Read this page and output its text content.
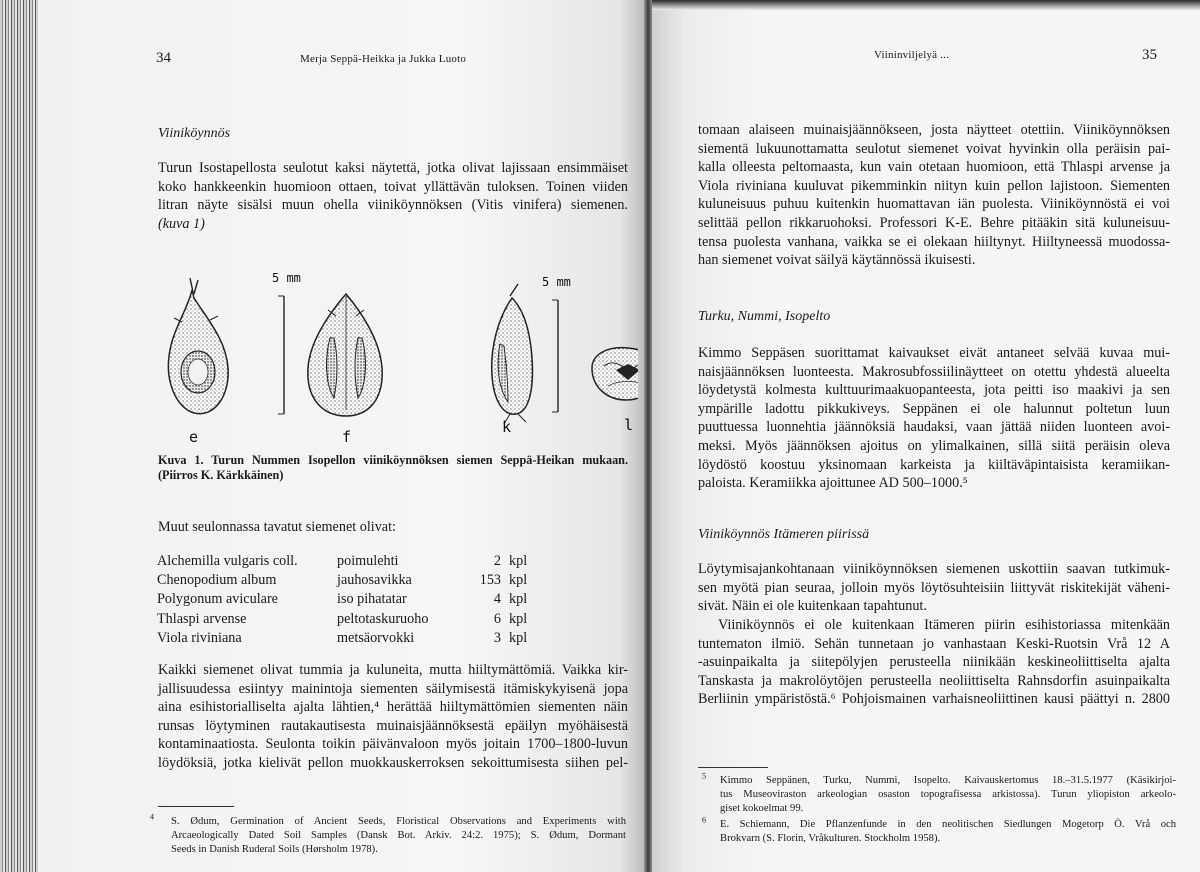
34	Merja Seppä-Heikka ja Jukka Luoto
Viiniköynnös
Turun Isostapellosta seulotut kaksi näytettä, jotka olivat lajissaan ensimmäiset
koko hankkeenkin huomioon ottaen, toivat yllättävän tuloksen. Toinen viiden
litran näyte sisälsi muun ohella viiniköynnöksen (Vitis vinifera) siemenen.
(kuva 1)
e
5 mm
f
k
5 mm
l
Kuva 1. Turun Nummen Isopellon viiniköynnöksen siemen Seppä-Heikan mukaan.
(Piirros K. Kärkkäinen)
Muut seulonnassa tavatut siemenet olivat:
Alchemilla vulgaris coll.	poimulehti	2	kpl
Chenopodium album	jauhosavikka	153	kpl
Polygonum aviculare	iso pihatatar	4	kpl
Thlaspi arvense	peltotaskuruoho	6	kpl
Viola riviniana	metsäorvokki	3	kpl
Kaikki siemenet olivat tummia ja kuluneita, mutta hiiltymättömiä. Vaikka kir-
jallisuudessa esiintyy mainintoja siementen säilymisestä itämiskykyisenä jopa
aina esihistorialliselta ajalta lähtien,⁴ herättää hiiltymättömien siementen näin
runsas löytyminen rautakautisesta muinaisjäännöksestä epäilyn myöhäisestä
kontaminaatiosta. Seulonta toikin päivänvaloon myös joitain 1700–1800-luvun
löydöksiä, jotka kielivät pellon muokkauskerroksen sekoittumisesta siihen pel-
$^4$	S. Ødum, Germination of Ancient Seeds, Floristical Observations and Experiments with
Arcaeologically Dated Soil Samples (Dansk Bot. Arkiv. 24:2. 1975); S. Ødum, Dormant
Seeds in Danish Ruderal Soils (Hørsholm 1978).
Viininviljelyä ...	35
tomaan alaiseen muinaisjäännökseen, josta näytteet otettiin. Viiniköynnöksen
siementä lukuunottamatta seulotut siemenet voivat hyvinkin olla peräisin pai-
kalla olleesta peltomaasta, kun vain otetaan huomioon, että Thlaspi arvense ja
Viola riviniana kuuluvat pikemminkin niityn kuin pellon lajistoon. Siementen
kuluneisuus puhuu kuitenkin huomattavan iän puolesta. Viiniköynnöstä ei voi
selittää pellon rikkaruohoksi. Professori K-E. Behre pitääkin sitä kuluneisuu-
tensa puolesta vanhana, vaikka se ei olekaan hiiltynyt. Hiiltyneessä muodossa-
han siemenet voivat säilyä käytännössä ikuisesti.
Turku, Nummi, Isopelto
Kimmo Seppäsen suorittamat kaivaukset eivät antaneet selvää kuvaa mui-
naisjäännöksen luonteesta. Makrosubfossiilinäytteet on otettu yhdestä alueelta
löydetystä kolmesta kulttuurimaakuopanteesta, jota peitti iso maakivi ja sen
ympärille ladottu pikkukiveys. Seppänen ei ole halunnut poltetun luun
puuttuessa luonnehtia jäännöksiä haudaksi, vaan jättää niiden luonteen avoi-
meksi. Myös jäännöksen ajoitus on ylimalkainen, sillä siitä peräisin oleva
löydöstö koostuu yksinomaan karkeista ja kiiltäväpintaisista keramiikan-
paloista. Keramiikka ajoittunee AD 500–1000.⁵
Viiniköynnös Itämeren piirissä
Löytymisajankohtanaan viiniköynnöksen siemenen uskottiin saavan tutkimuk-
sen myötä pian seuraa, jolloin myös löytösuhteisiin liittyvät riskitekijät väheni-
sivät. Näin ei ole kuitenkaan tapahtunut.
Viiniköynnös ei ole kuitenkaan Itämeren piirin esihistoriassa mitenkään
tuntematon ilmiö. Sehän tunnetaan jo vanhastaan Keski-Ruotsin Vrå 12 A
-asuinpaikalta ja siitepölyjen perusteella niinikään keskineoliittiselta ajalta
Tanskasta ja makrolöytöjen perusteella neoliittiselta Rahnsdorfin asuinpaikalta
Berliinin ympäristöstä.⁶ Pohjoismainen varhaisneoliittinen kausi päättyi n. 2800
$^5$	Kimmo Seppänen, Turku, Nummi, Isopelto. Kaivauskertomus 18.–31.5.1977 (Käsikirjoi-
tus Museoviraston arkeologian osaston topografisessa arkistossa). Turun yliopiston arkeolo-
giset kokoelmat 99.
$^6$	E. Schiemann, Die Pflanzenfunde in den neolitischen Siedlungen Mogetorp Ö. Vrå och
Brokvarn (S. Florin, Vråkulturen. Stockholm 1958).
